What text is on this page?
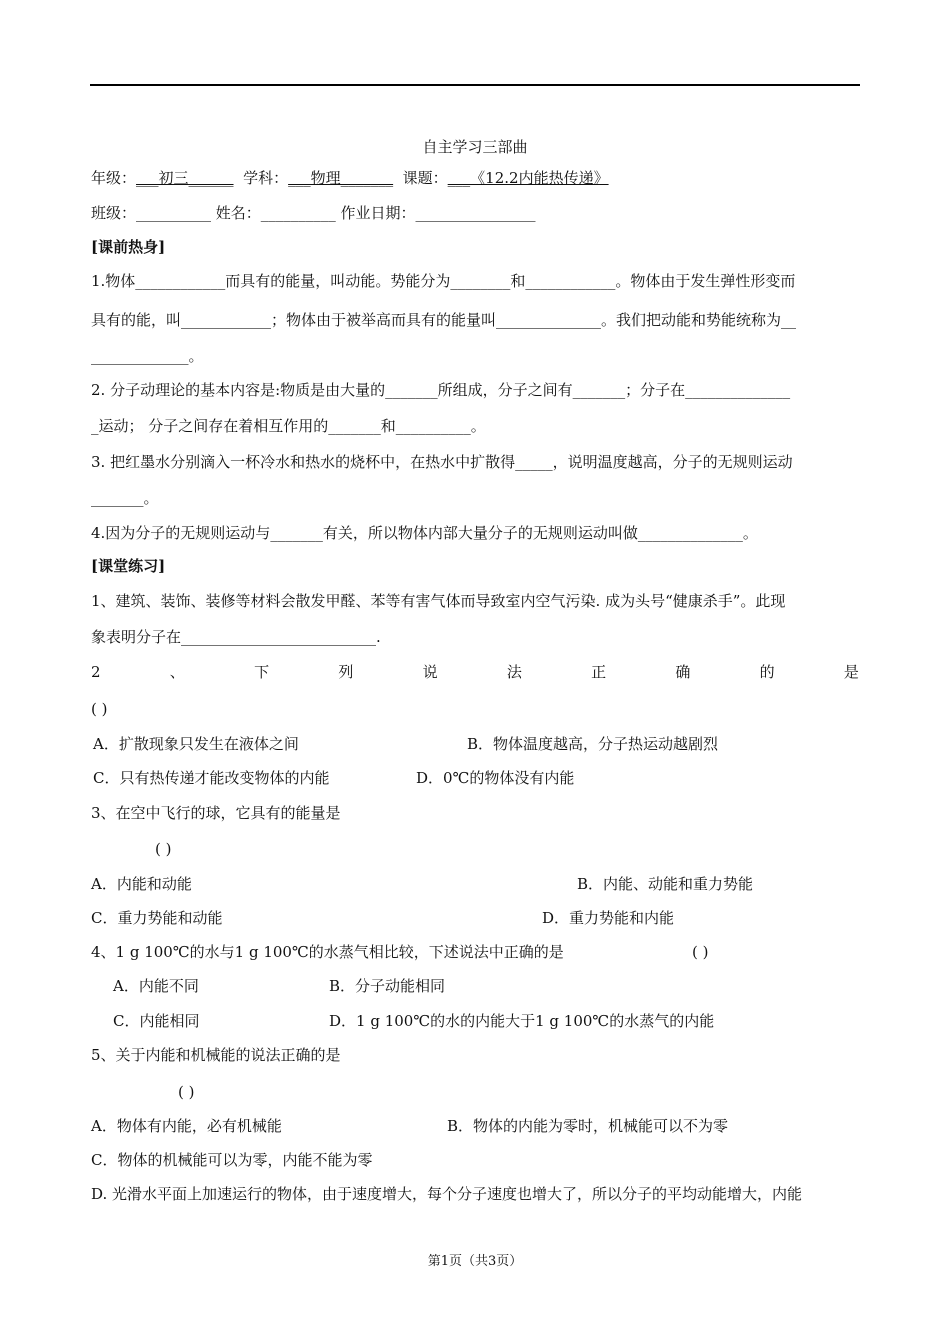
自主学习三部曲
年级：___初三______ 学科：___物理_______ 课题：___《12.2内能热传递》
班级：__________ 姓名：__________ 作业日期：________________
[课前热身]
1.物体____________而具有的能量，叫动能。势能分为________和____________。物体由于发生弹性形变而
具有的能，叫____________；物体由于被举高而具有的能量叫______________。我们把动能和势能统称为__
_____________。
2. 分子动理论的基本内容是:物质是由大量的_______所组成，分子之间有_______；分子在______________
_运动； 分子之间存在着相互作用的_______和__________。
3. 把红墨水分别滴入一杯冷水和热水的烧杯中，在热水中扩散得_____，说明温度越高，分子的无规则运动
_______。
4.因为分子的无规则运动与_______有关，所以物体内部大量分子的无规则运动叫做______________。
[课堂练习]
1、建筑、装饰、装修等材料会散发甲醛、苯等有害气体而导致室内空气污染. 成为头号“健康杀手”。此现
象表明分子在__________________________.
2	、	下	列	说	法	正	确	的	是
( )
A．扩散现象只发生在液体之间	B．物体温度越高，分子热运动越剧烈
C．只有热传递才能改变物体的内能	D．0℃的物体没有内能
3、在空中飞行的球，它具有的能量是
( )
A．内能和动能	B．内能、动能和重力势能
C．重力势能和动能	D．重力势能和内能
4、1 g 100℃的水与1 g 100℃的水蒸气相比较，下述说法中正确的是	( )
A．内能不同	B．分子动能相同
C．内能相同	D．1 g 100℃的水的内能大于1 g 100℃的水蒸气的内能
5、关于内能和机械能的说法正确的是
( )
A．物体有内能，必有机械能	B．物体的内能为零时，机械能可以不为零
C．物体的机械能可以为零，内能不能为零
D. 光滑水平面上加速运行的物体，由于速度增大，每个分子速度也增大了，所以分子的平均动能增大，内能
第1页（共3页）
